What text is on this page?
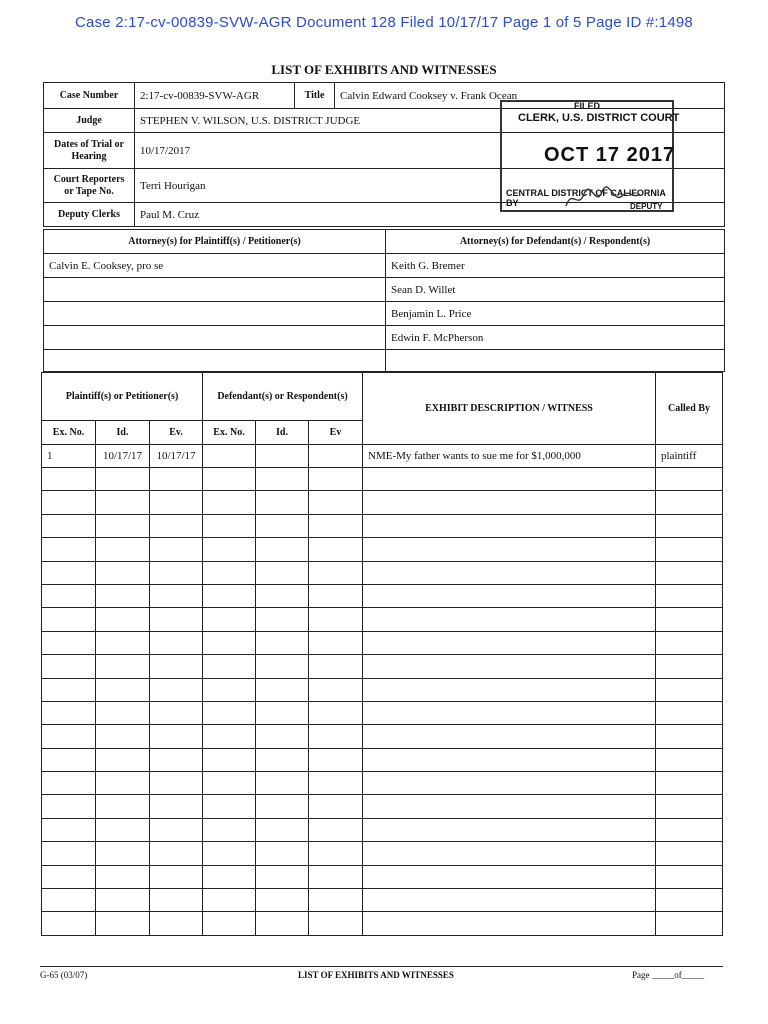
Case 2:17-cv-00839-SVW-AGR Document 128 Filed 10/17/17 Page 1 of 5 Page ID #:1498
LIST OF EXHIBITS AND WITNESSES
Case Number	2:17-cv-00839-SVW-AGR	Title	Calvin Edward Cooksey v. Frank Ocean
Judge	STEPHEN V. WILSON, U.S. DISTRICT JUDGE		
Dates of Trial or Hearing	10/17/2017		
Court Reporters or Tape No.	Terri Hourigan		
Deputy Clerks	Paul M. Cruz		
FILED
CLERK, U.S. DISTRICT COURT
OCT 17 2017
CENTRAL DISTRICT OF CALIFORNIA
BY	DEPUTY
Attorney(s) for Plaintiff(s) / Petitioner(s)	Attorney(s) for Defendant(s) / Respondent(s)
Calvin E. Cooksey, pro se	Keith G. Bremer
	Sean D. Willet
	Benjamin L. Price
	Edwin F. McPherson

Plaintiff(s) or Petitioner(s)			Defendant(s) or Respondent(s)			EXHIBIT DESCRIPTION / WITNESS	Called By
Ex. No.	Id.	Ev.	Ex. No.	Id.	Ev		
1	10/17/17	10/17/17				NME-My father wants to sue me for $1,000,000	plaintiff

G-65 (03/07)	LIST OF EXHIBITS AND WITNESSES	Page _____of_____
